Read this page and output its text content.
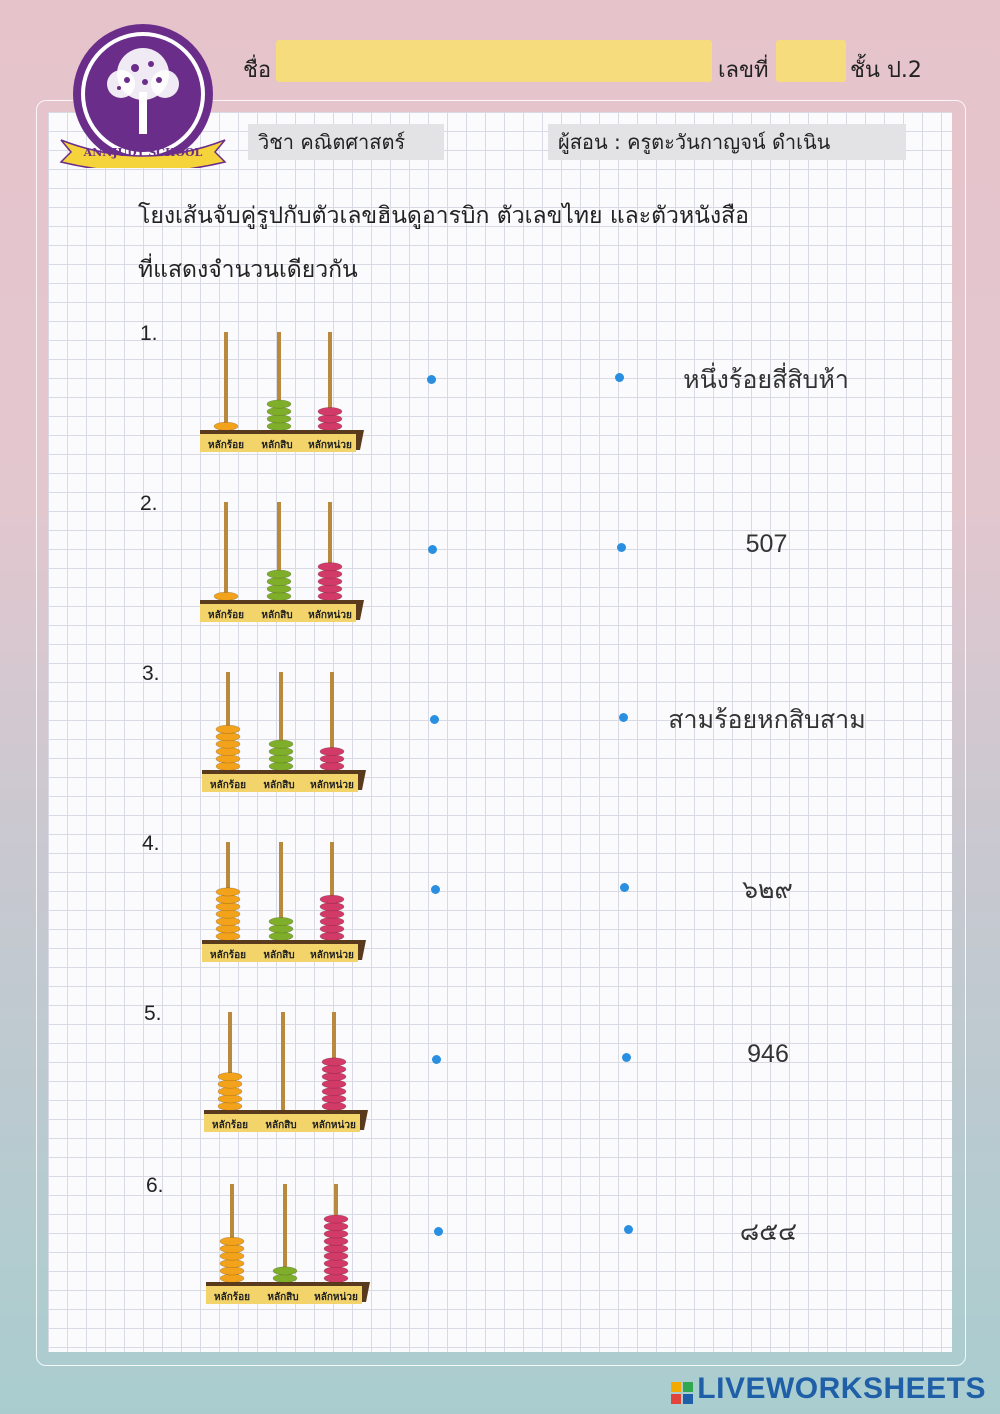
ANNJUDY SCHOOL
ชื่อ	เลขที่	ชั้น ป.2
วิชา คณิตศาสตร์	ผู้สอน : ครูตะวันกาญจน์ ดำเนิน
โยงเส้นจับคู่รูปกับตัวเลขฮินดูอารบิก ตัวเลขไทย และตัวหนังสือ
ที่แสดงจำนวนเดียวกัน
1.
หลักร้อย หลักสิบ หลักหน่วย
หนึ่งร้อยสี่สิบห้า
2.
หลักร้อย หลักสิบ หลักหน่วย
507
3.
หลักร้อย หลักสิบ หลักหน่วย
สามร้อยหกสิบสาม
4.
หลักร้อย หลักสิบ หลักหน่วย
๖๒๙
5.
หลักร้อย หลักสิบ หลักหน่วย
946
6.
หลักร้อย หลักสิบ หลักหน่วย
๘๕๔
LIVEWORKSHEETS
